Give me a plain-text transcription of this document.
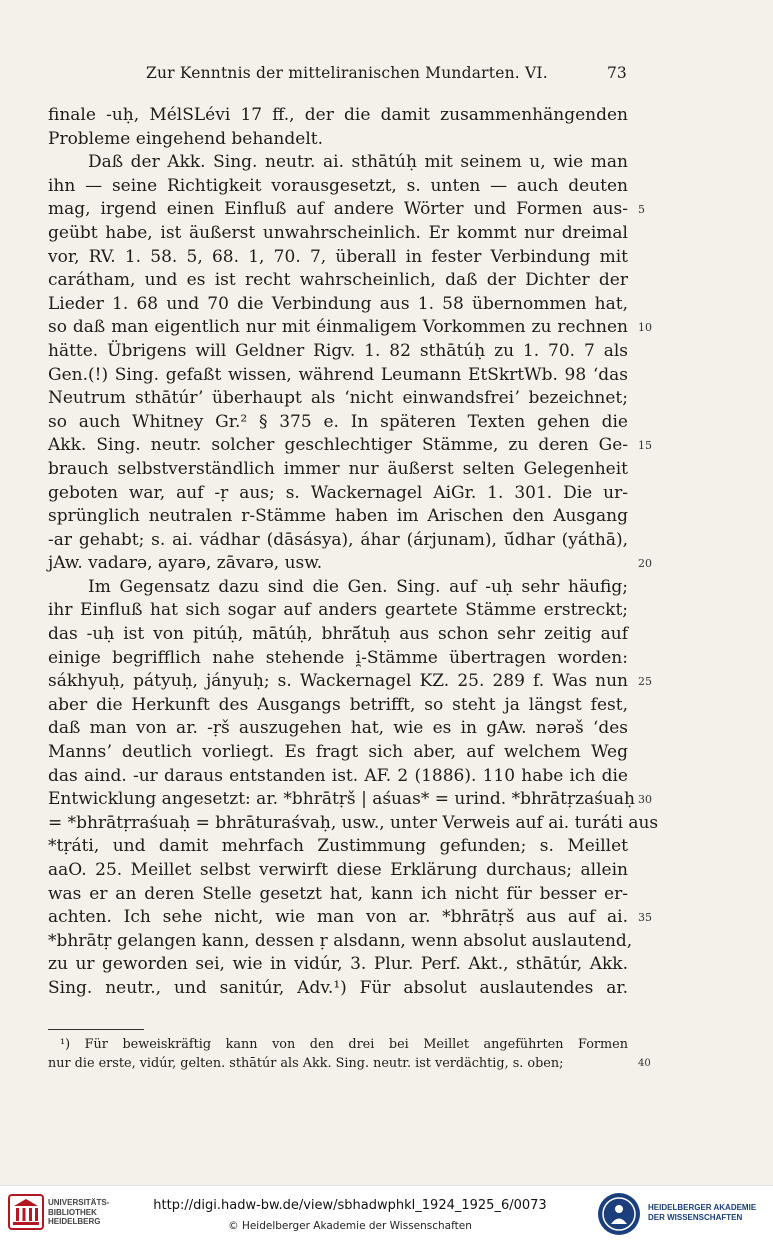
Zur Kenntnis der mitteliranischen Mundarten. VI.	73
finale -uḥ, MélSLévi 17 ff., der die damit zusammenhängenden
Probleme eingehend behandelt.
Daß der Akk. Sing. neutr. ai. sthātúḥ mit seinem u, wie man
ihn — seine Richtigkeit vorausgesetzt, s. unten — auch deuten
mag, irgend einen Einfluß auf andere Wörter und Formen aus- 5
geübt habe, ist äußerst unwahrscheinlich. Er kommt nur dreimal
vor, RV. 1. 58. 5, 68. 1, 70. 7, überall in fester Verbindung mit
carátham, und es ist recht wahrscheinlich, daß der Dichter der
Lieder 1. 68 und 70 die Verbindung aus 1. 58 übernommen hat,
so daß man eigentlich nur mit éinmaligem Vorkommen zu rechnen 10
hätte. Übrigens will Geldner Rigv. 1. 82 sthātúḥ zu 1. 70. 7 als
Gen.(!) Sing. gefaßt wissen, während Leumann EtSkrtWb. 98 ʻdas
Neutrum sthātúrʼ überhaupt als ʻnicht einwandsfreiʼ bezeichnet;
so auch Whitney Gr.² § 375 e. In späteren Texten gehen die
Akk. Sing. neutr. solcher geschlechtiger Stämme, zu deren Ge- 15
brauch selbstverständlich immer nur äußerst selten Gelegenheit
geboten war, auf -ṛ aus; s. Wackernagel AiGr. 1. 301. Die ur-
sprünglich neutralen r-Stämme haben im Arischen den Ausgang
-ar gehabt; s. ai. vádhar (dāsásya), áhar (árjunam), ū́dhar (yáthā),
jAw. vadarə, ayarə, zāvarə, usw.	20
Im Gegensatz dazu sind die Gen. Sing. auf -uḥ sehr häufig;
ihr Einfluß hat sich sogar auf anders geartete Stämme erstreckt;
das -uḥ ist von pitúḥ, mātúḥ, bhrā́tuḥ aus schon sehr zeitig auf
einige begrifflich nahe stehende i̯-Stämme übertragen worden:
sákhyuḥ, pátyuḥ, jányuḥ; s. Wackernagel KZ. 25. 289 f. Was nun 25
aber die Herkunft des Ausgangs betrifft, so steht ja längst fest,
daß man von ar. -ṛš auszugehen hat, wie es in gAw. nərəš ʻdes
Mannsʼ deutlich vorliegt. Es fragt sich aber, auf welchem Weg
das aind. -ur daraus entstanden ist. AF. 2 (1886). 110 habe ich die
Entwicklung angesetzt: ar. *bhrātṛš | aśuas* = urind. *bhrātṛzaśuaḥ 30
= *bhrātṛraśuaḥ = bhrāturaśvaḥ, usw., unter Verweis auf ai. turáti aus
*tṛáti, und damit mehrfach Zustimmung gefunden; s. Meillet
aaO. 25. Meillet selbst verwirft diese Erklärung durchaus; allein
was er an deren Stelle gesetzt hat, kann ich nicht für besser er-
achten. Ich sehe nicht, wie man von ar. *bhrātṛš aus auf ai. 35
*bhrātṛ gelangen kann, dessen ṛ alsdann, wenn absolut auslautend,
zu ur geworden sei, wie in vidúr, 3. Plur. Perf. Akt., sthātúr, Akk.
Sing. neutr., und sanitúr, Adv.¹) Für absolut auslautendes ar.
¹) Für beweiskräftig kann von den drei bei Meillet angeführten Formen
nur die erste, vidúr, gelten. sthātúr als Akk. Sing. neutr. ist verdächtig, s. oben;	40
UNIVERSITÄTS-
BIBLIOTHEK
HEIDELBERG
http://digi.hadw-bw.de/view/sbhadwphkl_1924_1925_6/0073
© Heidelberger Akademie der Wissenschaften
HEIDELBERGER AKADEMIE
DER WISSENSCHAFTEN
